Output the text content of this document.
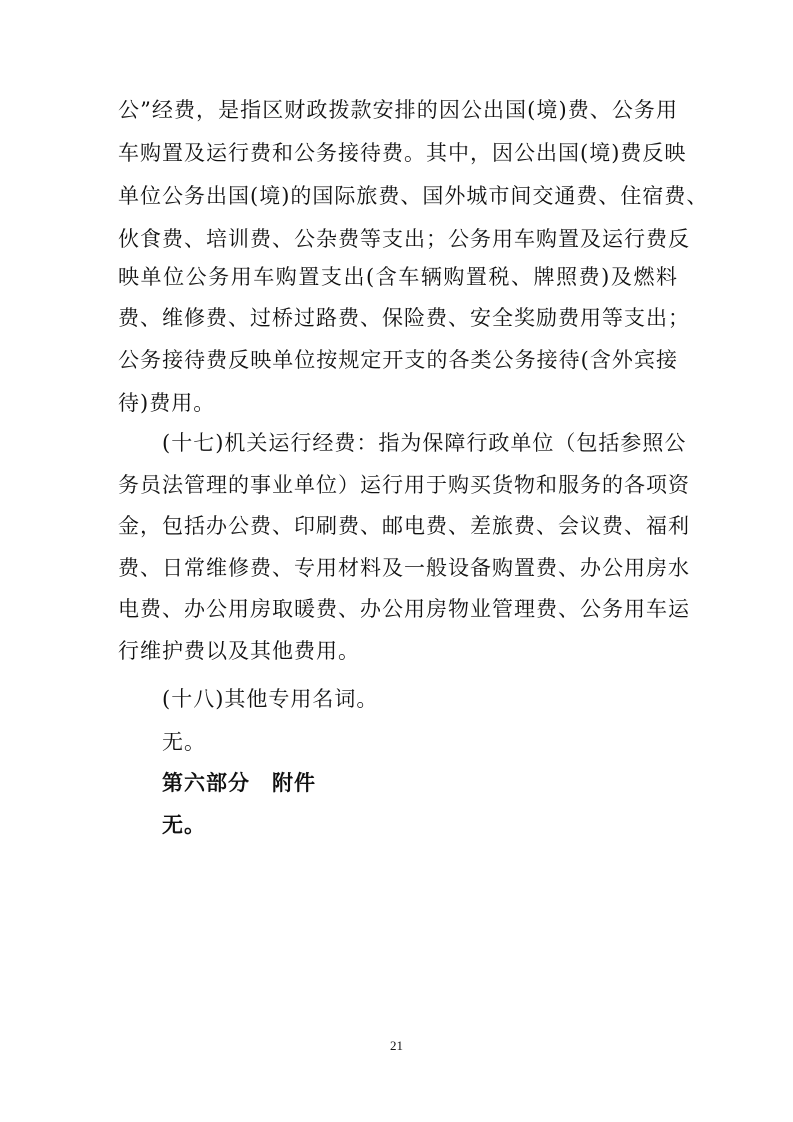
公”经费，是指区财政拨款安排的因公出国(境)费、公务用
车购置及运行费和公务接待费。其中，因公出国(境)费反映
单位公务出国(境)的国际旅费、国外城市间交通费、住宿费、
伙食费、培训费、公杂费等支出；公务用车购置及运行费反
映单位公务用车购置支出(含车辆购置税、牌照费)及燃料
费、维修费、过桥过路费、保险费、安全奖励费用等支出；
公务接待费反映单位按规定开支的各类公务接待(含外宾接
待)费用。
(十七)机关运行经费：指为保障行政单位（包括参照公
务员法管理的事业单位）运行用于购买货物和服务的各项资
金，包括办公费、印刷费、邮电费、差旅费、会议费、福利
费、日常维修费、专用材料及一般设备购置费、办公用房水
电费、办公用房取暖费、办公用房物业管理费、公务用车运
行维护费以及其他费用。
(十八)其他专用名词。
无。
第六部分 附件
无。
21
